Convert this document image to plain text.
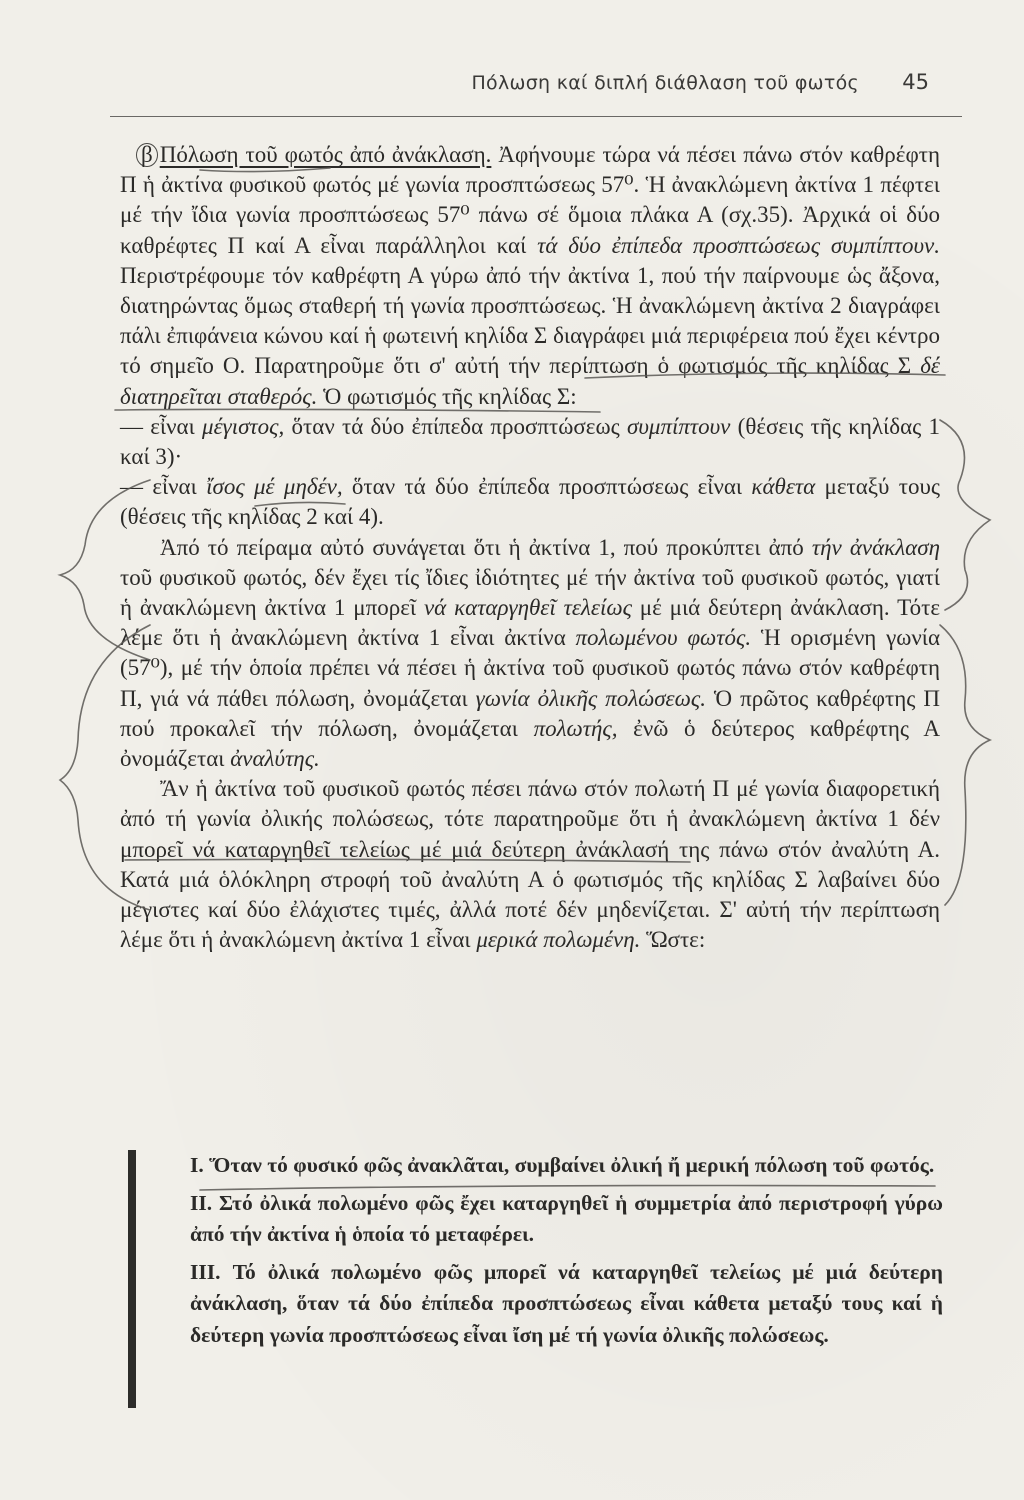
Πόλωση καί διπλή διάθλαση τοῦ φωτός 45

β Πόλωση τοῦ φωτός ἀπό ἀνάκλαση. Ἀφήνουμε τώρα νά πέσει πάνω στόν καθρέφτη Π ἡ ἀκτίνα φυσικοῦ φωτός μέ γωνία προσπτώσεως 57⁰. Ἡ ἀνακλώμενη ἀκτίνα 1 πέφτει μέ τήν ἴδια γωνία προσπτώσεως 57⁰ πάνω σέ ὅμοια πλάκα Α (σχ.35). Ἀρχικά οἱ δύο καθρέφτες Π καί Α εἶναι παράλληλοι καί τά δύο ἐπίπεδα προσπτώσεως συμπίπτουν. Περιστρέφουμε τόν καθρέφτη Α γύρω ἀπό τήν ἀκτίνα 1, πού τήν παίρνουμε ὡς ἄξονα, διατηρώντας ὅμως σταθερή τή γωνία προσπτώσεως. Ἡ ἀνακλώμενη ἀκτίνα 2 διαγράφει πάλι ἐπιφάνεια κώνου καί ἡ φωτεινή κηλίδα Σ διαγράφει μιά περιφέρεια πού ἔχει κέντρο τό σημεῖο Ο. Παρατηροῦμε ὅτι σ' αὐτή τήν περίπτωση ὁ φωτισμός τῆς κηλίδας Σ δέ διατηρεῖται σταθερός. Ὁ φωτισμός τῆς κηλίδας Σ:

— εἶναι μέγιστος, ὅταν τά δύο ἐπίπεδα προσπτώσεως συμπίπτουν (θέσεις τῆς κηλίδας 1 καί 3)·

— εἶναι ἴσος μέ μηδέν, ὅταν τά δύο ἐπίπεδα προσπτώσεως εἶναι κάθετα μεταξύ τους (θέσεις τῆς κηλίδας 2 καί 4).

Ἀπό τό πείραμα αὐτό συνάγεται ὅτι ἡ ἀκτίνα 1, πού προκύπτει ἀπό τήν ἀνάκλαση τοῦ φυσικοῦ φωτός, δέν ἔχει τίς ἴδιες ἰδιότητες μέ τήν ἀκτίνα τοῦ φυσικοῦ φωτός, γιατί ἡ ἀνακλώμενη ἀκτίνα 1 μπορεῖ νά καταργηθεῖ τελείως μέ μιά δεύτερη ἀνάκλαση. Τότε λέμε ὅτι ἡ ἀνακλώμενη ἀκτίνα 1 εἶναι ἀκτίνα πολωμένου φωτός. Ἡ ορισμένη γωνία (57⁰), μέ τήν ὁποία πρέπει νά πέσει ἡ ἀκτίνα τοῦ φυσικοῦ φωτός πάνω στόν καθρέφτη Π, γιά νά πάθει πόλωση, ὀνομάζεται γωνία ὀλικῆς πολώσεως. Ὁ πρῶτος καθρέφτης Π πού προκαλεῖ τήν πόλωση, ὀνομάζεται πολωτής, ἐνῶ ὁ δεύτερος καθρέφτης Α ὀνομάζεται ἀναλύτης.

Ἄν ἡ ἀκτίνα τοῦ φυσικοῦ φωτός πέσει πάνω στόν πολωτή Π μέ γωνία διαφορετική ἀπό τή γωνία ὀλικής πολώσεως, τότε παρατηροῦμε ὅτι ἡ ἀνακλώμενη ἀκτίνα 1 δέν μπορεῖ νά καταργηθεῖ τελείως μέ μιά δεύτερη ἀνάκλασή της πάνω στόν ἀναλύτη Α. Κατά μιά ὁλόκληρη στροφή τοῦ ἀναλύτη Α ὁ φωτισμός τῆς κηλίδας Σ λαβαίνει δύο μέγιστες καί δύο ἐλάχιστες τιμές, ἀλλά ποτέ δέν μηδενίζεται. Σ' αὐτή τήν περίπτωση λέμε ὅτι ἡ ἀνακλώμενη ἀκτίνα 1 εἶναι μερικά πολωμένη. Ὥστε:

I. Ὅταν τό φυσικό φῶς ἀνακλᾶται, συμβαίνει ὀλική ἤ μερική πόλωση τοῦ φωτός.
II. Στό ὀλικά πολωμένο φῶς ἔχει καταργηθεῖ ἡ συμμετρία ἀπό περιστροφή γύρω ἀπό τήν ἀκτίνα ἡ ὁποία τό μεταφέρει.
III. Τό ὀλικά πολωμένο φῶς μπορεῖ νά καταργηθεῖ τελείως μέ μιά δεύτερη ἀνάκλαση, ὅταν τά δύο ἐπίπεδα προσπτώσεως εἶναι κάθετα μεταξύ τους καί ἡ δεύτερη γωνία προσπτώσεως εἶναι ἴση μέ τή γωνία ὀλικῆς πολώσεως.
